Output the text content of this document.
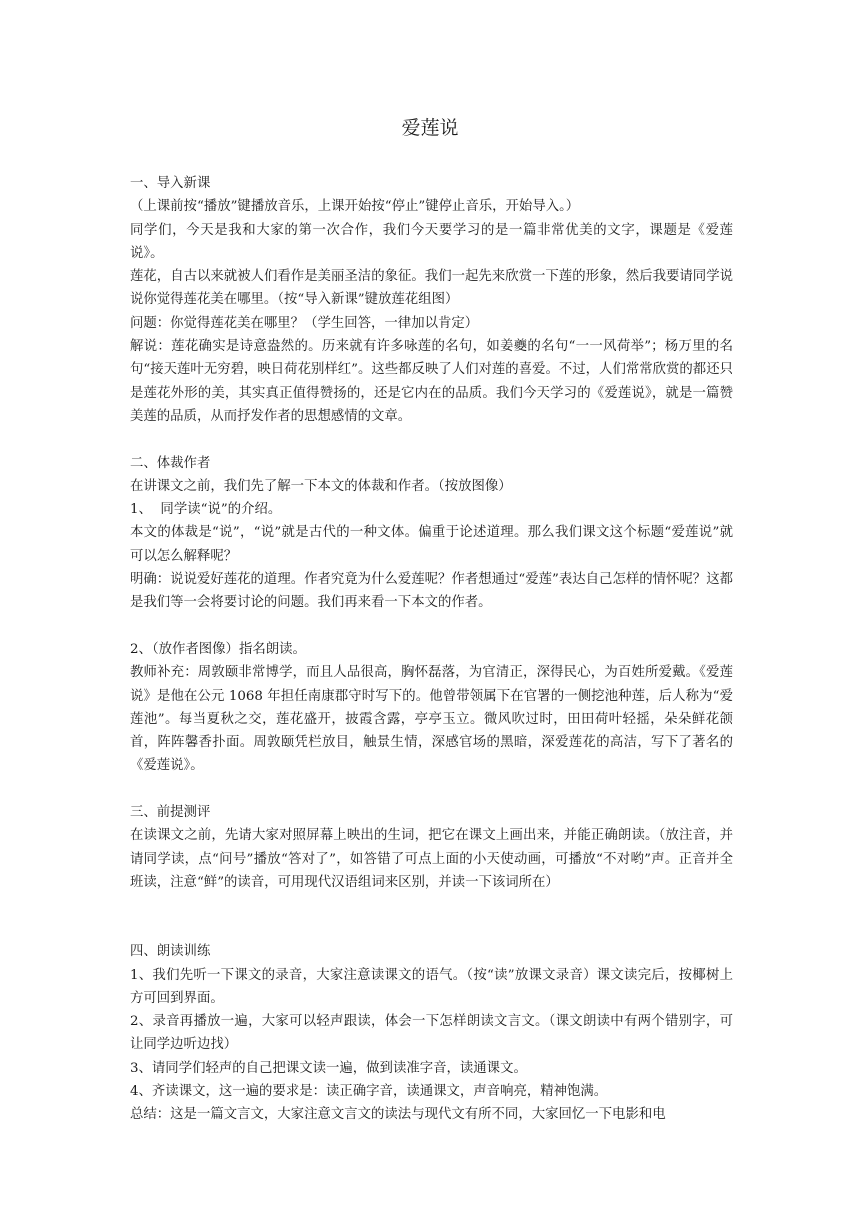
爱莲说

一、导入新课

（上课前按“播放”键播放音乐，上课开始按“停止”键停止音乐，开始导入。）

同学们，今天是我和大家的第一次合作，我们今天要学习的是一篇非常优美的文字，课题是《爱莲说》。

莲花，自古以来就被人们看作是美丽圣洁的象征。我们一起先来欣赏一下莲的形象，然后我要请同学说说你觉得莲花美在哪里。（按“导入新课”键放莲花组图）

问题：你觉得莲花美在哪里？（学生回答，一律加以肯定）

解说：莲花确实是诗意盎然的。历来就有许多咏莲的名句，如姜夔的名句“一一风荷举”；杨万里的名句“接天莲叶无穷碧，映日荷花别样红”。这些都反映了人们对莲的喜爱。不过，人们常常欣赏的都还只是莲花外形的美，其实真正值得赞扬的，还是它内在的品质。我们今天学习的《爱莲说》，就是一篇赞美莲的品质，从而抒发作者的思想感情的文章。

二、体裁作者

在讲课文之前，我们先了解一下本文的体裁和作者。（按放图像）

1、  同学读“说”的介绍。

本文的体裁是“说”，“说”就是古代的一种文体。偏重于论述道理。那么我们课文这个标题“爱莲说”就可以怎么解释呢？

明确：说说爱好莲花的道理。作者究竟为什么爱莲呢？作者想通过“爱莲”表达自己怎样的情怀呢？这都是我们等一会将要讨论的问题。我们再来看一下本文的作者。

2、（放作者图像）指名朗读。

教师补充：周敦颐非常博学，而且人品很高，胸怀磊落，为官清正，深得民心，为百姓所爱戴。《爱莲说》是他在公元 1068 年担任南康郡守时写下的。他曾带领属下在官署的一侧挖池种莲，后人称为“爱莲池”。每当夏秋之交，莲花盛开，披霞含露，亭亭玉立。微风吹过时，田田荷叶轻摇，朵朵鲜花颌首，阵阵馨香扑面。周敦颐凭栏放目，触景生情，深感官场的黑暗，深爱莲花的高洁，写下了著名的《爱莲说》。

三、前提测评

在读课文之前，先请大家对照屏幕上映出的生词，把它在课文上画出来，并能正确朗读。（放注音，并请同学读，点“问号”播放“答对了”，如答错了可点上面的小天使动画，可播放“不对哟”声。正音并全班读，注意“鲜”的读音，可用现代汉语组词来区别，并读一下该词所在）

四、朗读训练

1、我们先听一下课文的录音，大家注意读课文的语气。（按“读”放课文录音）课文读完后，按椰树上方可回到界面。

2、录音再播放一遍，大家可以轻声跟读，体会一下怎样朗读文言文。（课文朗读中有两个错别字，可让同学边听边找）

3、请同学们轻声的自己把课文读一遍，做到读准字音，读通课文。

4、齐读课文，这一遍的要求是：读正确字音，读通课文，声音响亮，精神饱满。

总结：这是一篇文言文，大家注意文言文的读法与现代文有所不同，大家回忆一下电影和电
